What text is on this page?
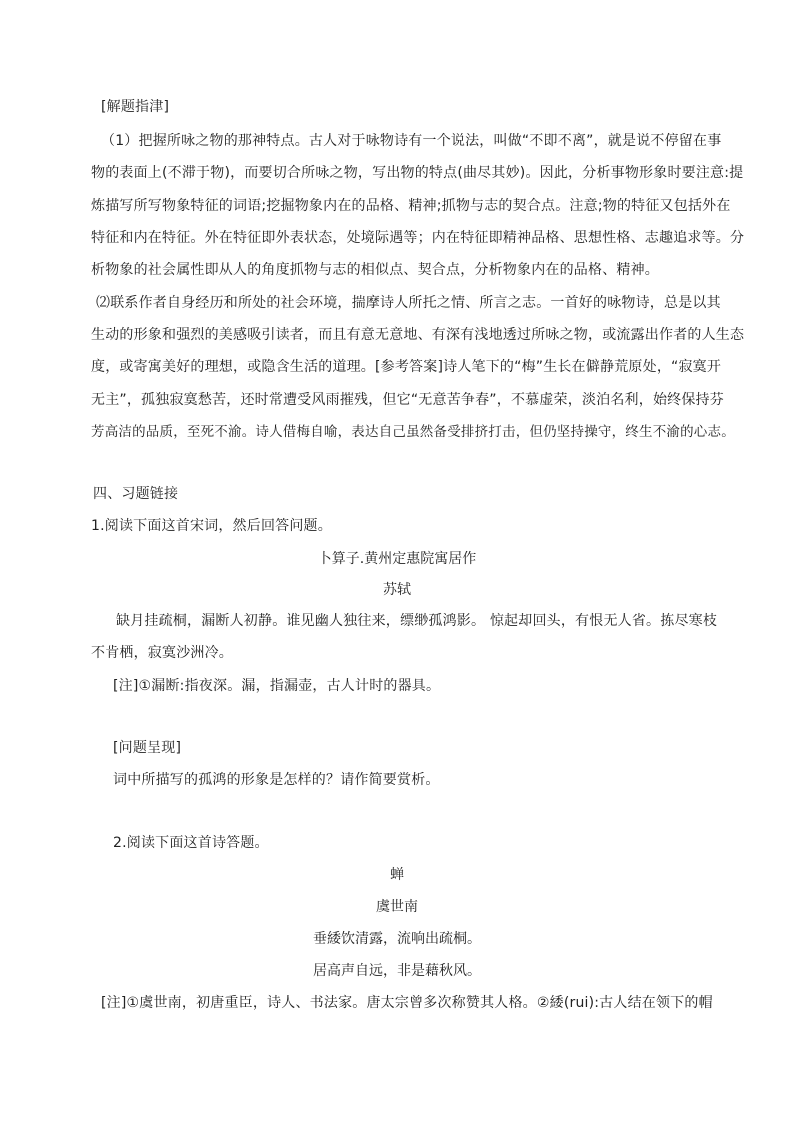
[解题指津]
（1）把握所咏之物的那神特点。古人对于咏物诗有一个说法，叫做“不即不离”，就是说不停留在事
物的表面上(不滞于物)，而要切合所咏之物，写出物的特点(曲尽其妙)。因此，分析事物形象时要注意:提
炼描写所写物象特征的词语;挖掘物象内在的品格、精神;抓物与志的契合点。注意;物的特征又包括外在
特征和内在特征。外在特征即外表状态，处境际遇等；内在特征即精神品格、思想性格、志趣追求等。分
析物象的社会属性即从人的角度抓物与志的相似点、契合点，分析物象内在的品格、精神。
⑵联系作者自身经历和所处的社会环境，揣摩诗人所托之情、所言之志。一首好的咏物诗，总是以其
生动的形象和强烈的美感吸引读者，而且有意无意地、有深有浅地透过所咏之物，或流露出作者的人生态
度，或寄寓美好的理想，或隐含生活的道理。[参考答案]诗人笔下的“梅”生长在僻静荒原处，“寂寞开
无主”，孤独寂寞愁苦，还时常遭受风雨摧残，但它“无意苦争春”，不慕虚荣，淡泊名利，始终保持芬
芳高洁的品质，至死不渝。诗人借梅自喻，表达自己虽然备受排挤打击，但仍坚持操守，终生不渝的心志。
四、习题链接
1.阅读下面这首宋词，然后回答问题。
卜算子.黄州定惠院寓居作
苏轼
缺月挂疏桐，漏断人初静。谁见幽人独往来，缥缈孤鸿影。 惊起却回头，有恨无人省。拣尽寒枝
不肯栖，寂寞沙洲冷。
[注]①漏断:指夜深。漏，指漏壶，古人计时的器具。
[问题呈现]
词中所描写的孤鸿的形象是怎样的？请作简要赏析。
2.阅读下面这首诗答题。
蝉
虞世南
垂緌饮清露，流响出疏桐。
居高声自远，非是藉秋风。
[注]①虞世南，初唐重臣，诗人、书法家。唐太宗曾多次称赞其人格。②緌(rui):古人结在领下的帽
